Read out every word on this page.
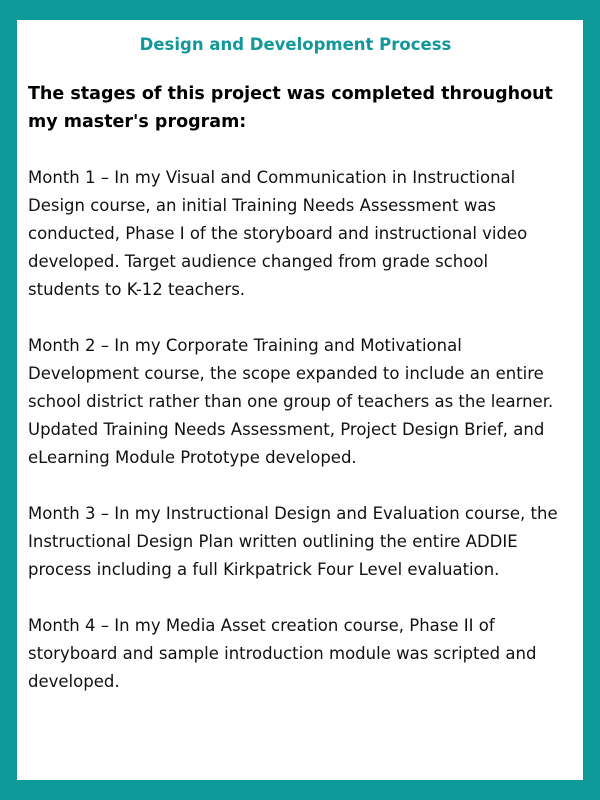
Design and Development Process
The stages of this project was completed throughout my master's program:
Month 1 – In my Visual and Communication in Instructional Design course, an initial Training Needs Assessment was conducted, Phase I of the storyboard and instructional video developed. Target audience changed from grade school students to K-12 teachers.
Month 2 – In my Corporate Training and Motivational Development course, the scope expanded to include an entire school district rather than one group of teachers as the learner. Updated Training Needs Assessment, Project Design Brief, and eLearning Module Prototype developed.
Month 3 – In my Instructional Design and Evaluation course, the Instructional Design Plan written outlining the entire ADDIE process including a full Kirkpatrick Four Level evaluation.
Month 4 – In my Media Asset creation course, Phase II of storyboard and sample introduction module was scripted and developed.
